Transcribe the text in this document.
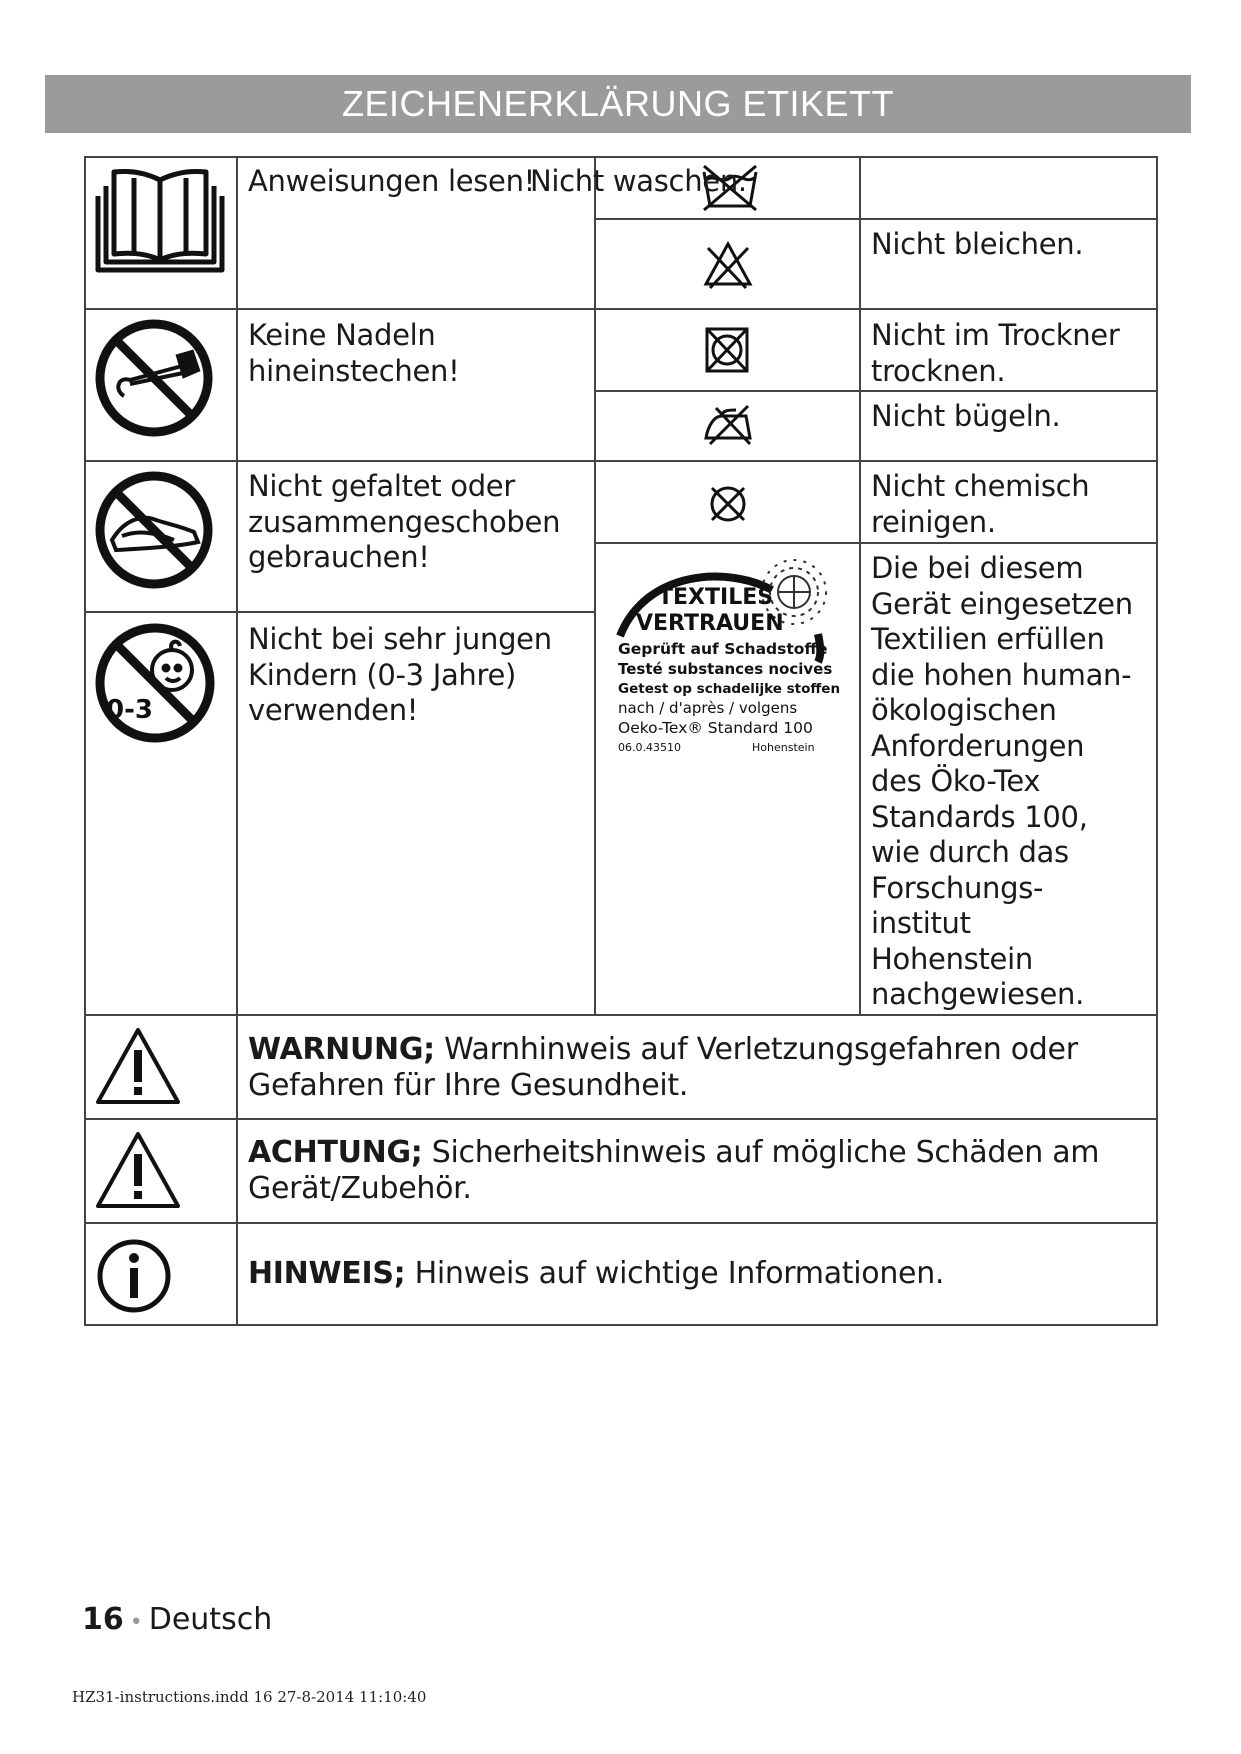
ZEICHENERKLÄRUNG ETIKETT
0-3
Anweisungen lesen!
Keine Nadeln
hineinstechen!
Nicht gefaltet oder
zusammengeschoben
gebrauchen!
Nicht bei sehr jungen
Kindern (0-3 Jahre)
verwenden!
TEXTILES
VERTRAUEN
Geprüft auf Schadstoffe
Testé substances nocives
Getest op schadelijke stoffen
nach / d'après / volgens
Oeko-Tex® Standard 100
06.0.43510	Hohenstein
Nicht waschen.
Nicht bleichen.
Nicht im Trockner
trocknen.
Nicht bügeln.
Nicht chemisch
reinigen.
Die bei diesem
Gerät eingesetzen
Textilien erfüllen
die hohen human-
ökologischen
Anforderungen
des Öko-Tex
Standards 100,
wie durch das
Forschungs-
institut
Hohenstein
nachgewiesen.
WARNUNG; Warnhinweis auf Verletzungsgefahren oder
Gefahren für Ihre Gesundheit.
ACHTUNG; Sicherheitshinweis auf mögliche Schäden am
Gerät/Zubehör.
HINWEIS; Hinweis auf wichtige Informationen.
16 • Deutsch
HZ31-instructions.indd 16 27-8-2014 11:10:40
